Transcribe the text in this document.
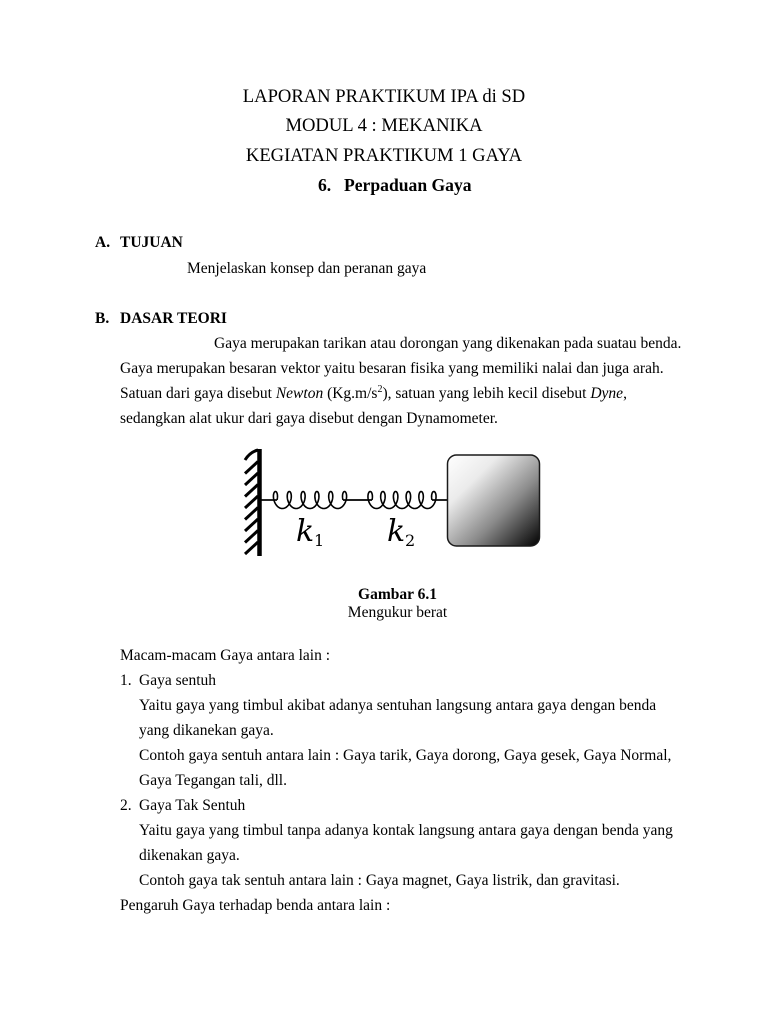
LAPORAN PRAKTIKUM IPA di SD
MODUL 4 : MEKANIKA
KEGIATAN PRAKTIKUM 1 GAYA
6. Perpaduan Gaya
A. TUJUAN
Menjelaskan konsep dan peranan gaya
B. DASAR TEORI
Gaya merupakan tarikan atau dorongan yang dikenakan pada suatau benda.
Gaya merupakan besaran vektor yaitu besaran fisika yang memiliki nalai dan juga arah.
Satuan dari gaya disebut Newton $(Kg.m/s^2)$, satuan yang lebih kecil disebut Dyne,
sedangkan alat ukur dari gaya disebut dengan Dynamometer.
k 1 k 2
Gambar 6.1
Mengukur berat
Macam-macam Gaya antara lain :
1. Gaya sentuh
Yaitu gaya yang timbul akibat adanya sentuhan langsung antara gaya dengan benda
yang dikanekan gaya.
Contoh gaya sentuh antara lain : Gaya tarik, Gaya dorong, Gaya gesek, Gaya Normal,
Gaya Tegangan tali, dll.
2. Gaya Tak Sentuh
Yaitu gaya yang timbul tanpa adanya kontak langsung antara gaya dengan benda yang
dikenakan gaya.
Contoh gaya tak sentuh antara lain : Gaya magnet, Gaya listrik, dan gravitasi.
Pengaruh Gaya terhadap benda antara lain :
